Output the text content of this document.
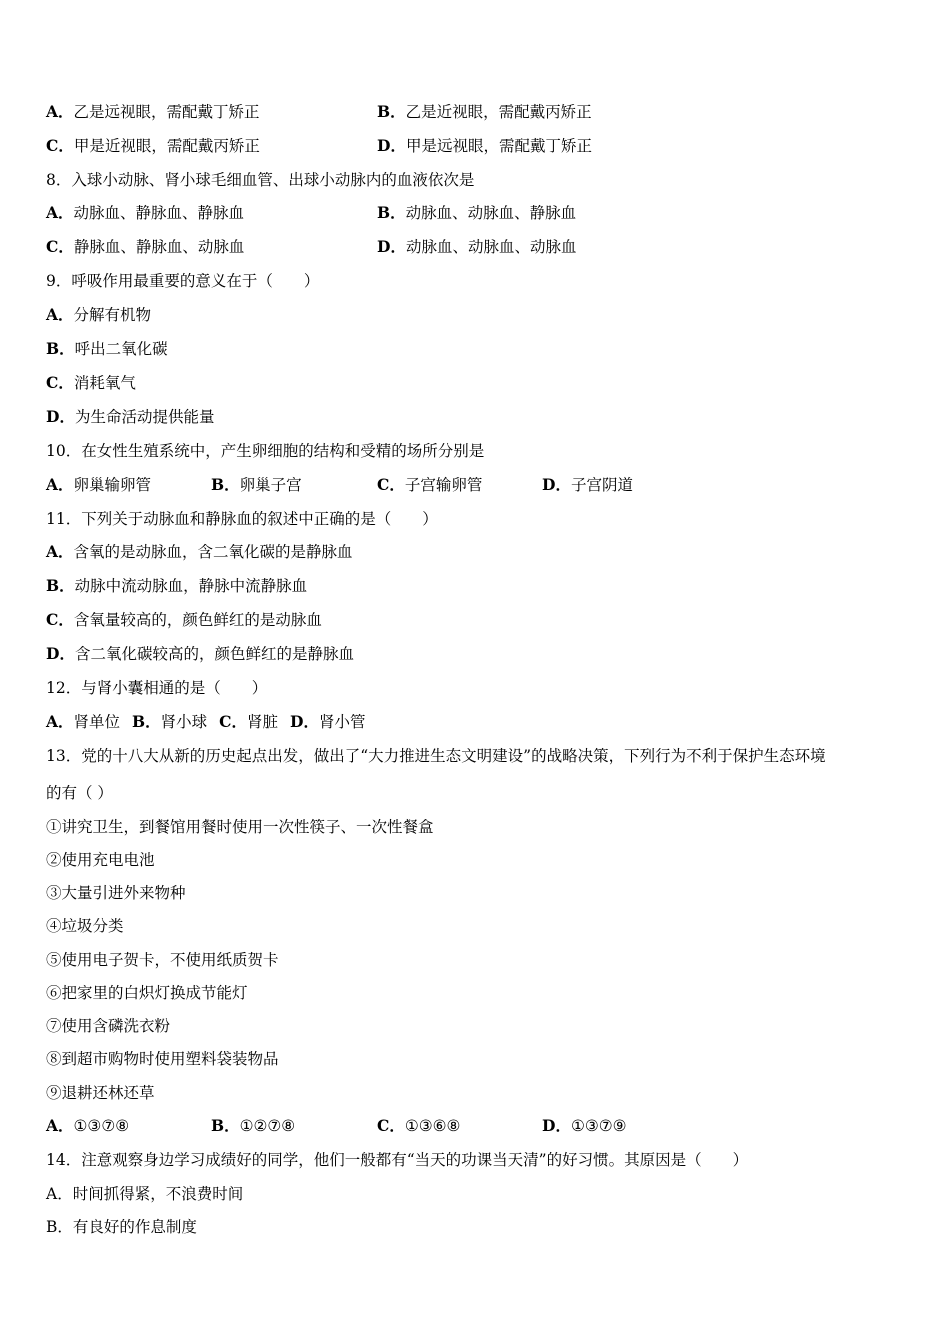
A．乙是远视眼，需配戴丁矫正	B．乙是近视眼，需配戴丙矫正
C．甲是近视眼，需配戴丙矫正	D．甲是远视眼，需配戴丁矫正
8．入球小动脉、肾小球毛细血管、出球小动脉内的血液依次是
A．动脉血、静脉血、静脉血	B．动脉血、动脉血、静脉血
C．静脉血、静脉血、动脉血	D．动脉血、动脉血、动脉血
9．呼吸作用最重要的意义在于（　　）
A．分解有机物
B．呼出二氧化碳
C．消耗氧气
D．为生命活动提供能量
10．在女性生殖系统中，产生卵细胞的结构和受精的场所分别是
A．卵巢输卵管	B．卵巢子宫	C．子宫输卵管	D．子宫阴道
11．下列关于动脉血和静脉血的叙述中正确的是（　　）
A．含氧的是动脉血，含二氧化碳的是静脉血
B．动脉中流动脉血，静脉中流静脉血
C．含氧量较高的，颜色鲜红的是动脉血
D．含二氧化碳较高的，颜色鲜红的是静脉血
12．与肾小囊相通的是（　　）
A．肾单位 B．肾小球 C．肾脏 D．肾小管
13．党的十八大从新的历史起点出发，做出了“大力推进生态文明建设”的战略决策，下列行为不利于保护生态环境
的有（ ）
①讲究卫生，到餐馆用餐时使用一次性筷子、一次性餐盒
②使用充电电池
③大量引进外来物种
④垃圾分类
⑤使用电子贺卡，不使用纸质贺卡
⑥把家里的白炽灯换成节能灯
⑦使用含磷洗衣粉
⑧到超市购物时使用塑料袋装物品
⑨退耕还林还草
A．①③⑦⑧	B．①②⑦⑧	C．①③⑥⑧	D．①③⑦⑨
14．注意观察身边学习成绩好的同学，他们一般都有“当天的功课当天清”的好习惯。其原因是（　　）
A．时间抓得紧，不浪费时间
B．有良好的作息制度
